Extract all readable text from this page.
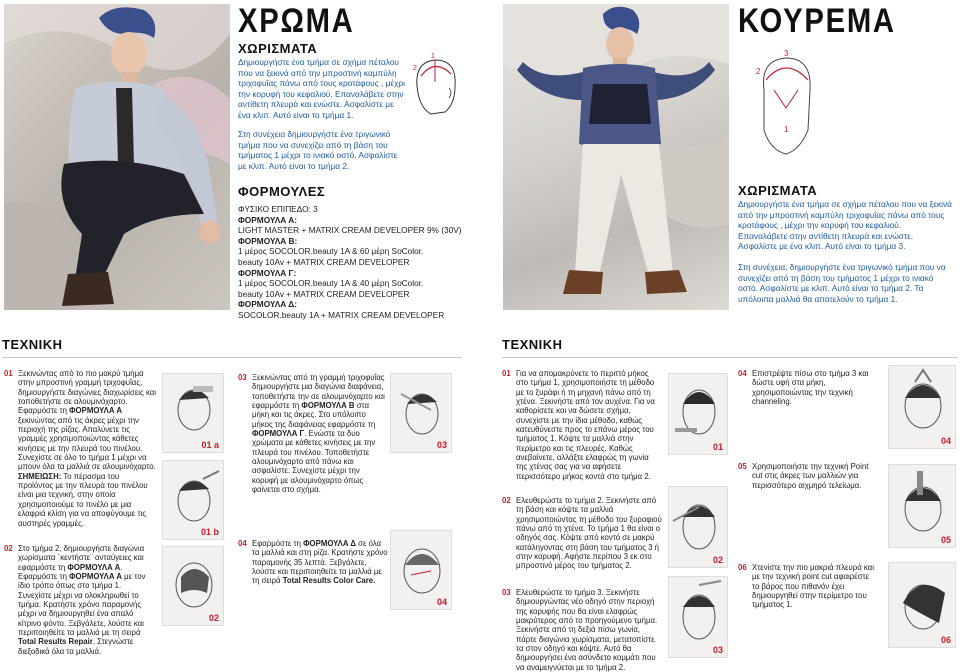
ΧΡΩΜΑ
ΧΩΡΙΣΜΑΤΑ
Δημιουργήστε ένα τμήμα σε σχήμα πέταλου που να ξεκινά από την μπροστινή καμπύλη τριχοφυΐας πάνω από τους κροτάφους , μέχρι την κορυφή του κεφαλιού. Επαναλάβετε στην αντίθετη πλευρά και ενώστε. Ασφαλίστε με ένα κλιπ. Αυτό είναι το τμήμα 1.
Στη συνέχεια δημιουργήστε ένα τριγωνικό τμήμα που να συνεχίζει από τη βάση του τμήματος 1 μέχρι το ινιακό οστό. Ασφαλίστε με κλιπ. Αυτό είναι το τμήμα 2.
2
1
ΦΟΡΜΟΥΛΕΣ
ΦΥΣΙΚΟ ΕΠΙΠΕΔΟ: 3
ΦΟΡΜΟΥΛΑ Α:
LIGHT MASTER + MATRIX CREAM DEVELOPER 9% (30V)
ΦΟΡΜΟΥΛΑ Β:
1 μέρος SOCOLOR.beauty 1A & 60 μέρη SoColor. beauty 10Av + MATRIX CREAM DEVELOPER
ΦΟΡΜΟΥΛΑ Γ:
1 μέρος SOCOLOR.beauty 1A & 40 μέρη SoColor. beauty 10Av + MATRIX CREAM DEVELOPER
ΦΟΡΜΟΥΛΑ Δ:
SOCOLOR.beauty 1A + MATRIX CREAM DEVELOPER
ΤΕΧΝΙΚΗ
01 Ξεκινώντας από το πιο μακρύ τμήμα στην μπροστινή γραμμή τριχοφυΐας, δημιουργήστε διαγώνιες διαχωρίσεις και τοποθετήστε σε αλουμινόχαρτο. Εφαρμόστε τη ΦΟΡΜΟΥΛΑ Α ξεκινώντας από τις άκρες μέχρι την περιοχή της ρίζας. Απαλύνετε τις γραμμές χρησιμοποιώντας κάθετες κινήσεις με την πλευρά του πινέλου. Συνεχίστε σε όλο το τμήμα 1 μέχρι να μπουν όλα τα μαλλιά σε αλουμινόχαρτο. ΣΗΜΕΙΩΣΗ: Το πέρασμα του προϊόντος με την πλευρά του πινέλου είναι μια τεχνική, στην οποία χρησιμοποιούμε το πινέλο με μια ελαφριά κλίση για να αποφύγουμε τις αυστηρές γραμμές.
02 Στο τμήμα 2, δημιουργήστε διαγώνια χωρίσματα ¨κεντήστε¨ ανταύγειες και εφαρμόστε τη ΦΟΡΜΟΥΛΑ Α. Εφαρμόστε τη ΦΟΡΜΟΥΛΑ Α με τον ίδιο τρόπο όπως στο τμήμα 1. Συνεχίστε μέχρι να ολοκληρωθεί το τμήμα. Κρατήστε χρόνο παραμονής μέχρι να δημιουργηθεί ένα απαλό κίτρινο φόντο. Ξεβγάλετε, λούστε και περιποιηθείτε τα μαλλιά με τη σειρά Total Results Repair. Στεγνώστε διεξοδικά όλα τα μαλλιά.
01 a
01 b
02
03 Ξεκινώντας από τη γραμμή τριχοφυΐας δημιουργήστε μια διαγώνια διαφάνεια, τοποθετήστε την σε αλουμινόχαρτο και εφαρμόστε τη ΦΟΡΜΟΥΛΑ Β στα μήκη και τις άκρες. Στο υπόλοιπο μήκος της διαφάνειας εφαρμόστε τη ΦΟΡΜΟΥΛΑ Γ. Ενώστε τα δυο χρώματα με κάθετες κινήσεις με την πλευρά του πινέλου. Τοποθετήστε αλουμινόχαρτο από πάνω και ασφαλίστε. Συνεχίστε μέχρι την κορυφή με αλουμινόχαρτο όπως φαίνεται στο σχήμα.
04 Εφαρμόστε τη ΦΟΡΜΟΥΛΑ Δ σε όλα τα μαλλιά και στη ρίζα. Κρατήστε χρόνο παραμονής 35 λεπτά. Ξεβγάλετε, λούστε και περιποιηθείτε τα μαλλιά με τη σειρά Total Results Color Care.
03
04
ΚΟΥΡΕΜΑ
2
3
1
ΧΩΡΙΣΜΑΤΑ
Δημιουργήστε ένα τμήμα σε σχήμα πέταλου που να ξεκινά από την μπροστινή καμπύλη τριχοφυΐας πάνω από τους κροτάφους , μέχρι την κορυφή του κεφαλιού. Επαναλάβετε στην αντίθετη πλευρά και ενώστε. Ασφαλίστε με ένα κλιπ. Αυτό είναι το τμήμα 3.
Στη συνέχεια, δημιουργήστε ένα τριγωνικό τμήμα που να συνεχίζει από τη βάση του τμήματος 1 μέχρι το ινιακό οστό. Ασφαλίστε με κλιπ. Αυτό είναι το τμήμα 2. Τα υπόλοιπα μαλλιά θα αποτελούν το τμήμα 1.
ΤΕΧΝΙΚΗ
01 Για να απομακρύνετε το περιττό μήκος στο τμήμα 1, χρησιμοποιήστε τη μέθοδο με το ξυράφι ή τη μηχανή πάνω από τη χτένα. Ξεκινήστε από τον αυχένα. Για να καθορίσετε και να δώσετε σχήμα, συνεχίστε με την ίδια μέθοδο, καθώς κατευθύνεστε προς το επάνω μέρος του τμήματος 1. Κόψτε τα μαλλιά στην περίμετρο και τις πλευρές. Καθώς ανεβαίνετε, αλλάξτε ελαφρώς τη γωνία της χτένας σας για να αφήσετε περισσότερο μήκος κοντά στο τμήμα 2.
02 Ελευθερώστε το τμήμα 2. Ξεκινήστε από τη βάση και κόψτε τα μαλλιά χρησιμοποιώντας τη μέθοδο του ξυραφιού πάνω από τη χτένα. Το τμήμα 1 θα είναι ο οδηγός σας. Κόψτε από κοντό σε μακρύ κατάληγοντας στη βάση του τμήματος 3 ή στην κορυφή. Αφήστε περίπου 3 εκ στο μπροστινό μέρος του τμήματος 2.
03 Ελευθερώστε το τμήμα 3. Ξεκινήστε δημιουργώντας νέο οδηγό στην περιοχή της κορυφής που θα είναι ελαφρώς μακρύτερος από το προηγούμενο τμήμα. Ξεκινήστε από τη δεξιά πίσω γωνία, πάρτε διαγώνια χωρίσματα, μετατοπίστε τα στον οδηγό και κόψτε. Αυτό θα δημιουργήσει ένα ασύνδετο κομμάτι που να αναμειγνύεται με το τμήμα 2.
01
02
03
04 Επιστρέψτε πίσω στο τμήμα 3 και δώστε υφή στα μήκη, χρησιμοποιώντας την τεχνική channeling.
05 Χρησιμοποιήστε την τεχνική Point cut στις άκρες των μαλλιών για περισσότερο αιχμηρό τελείωμα.
06 Χτενίστε την πιο μακριά πλευρά και με την τεχνική point cut αφαιρέστε το βάρος που πιθανόν έχει δημιουργηθεί στην περίμετρο του τμήματος 1.
04
05
06
